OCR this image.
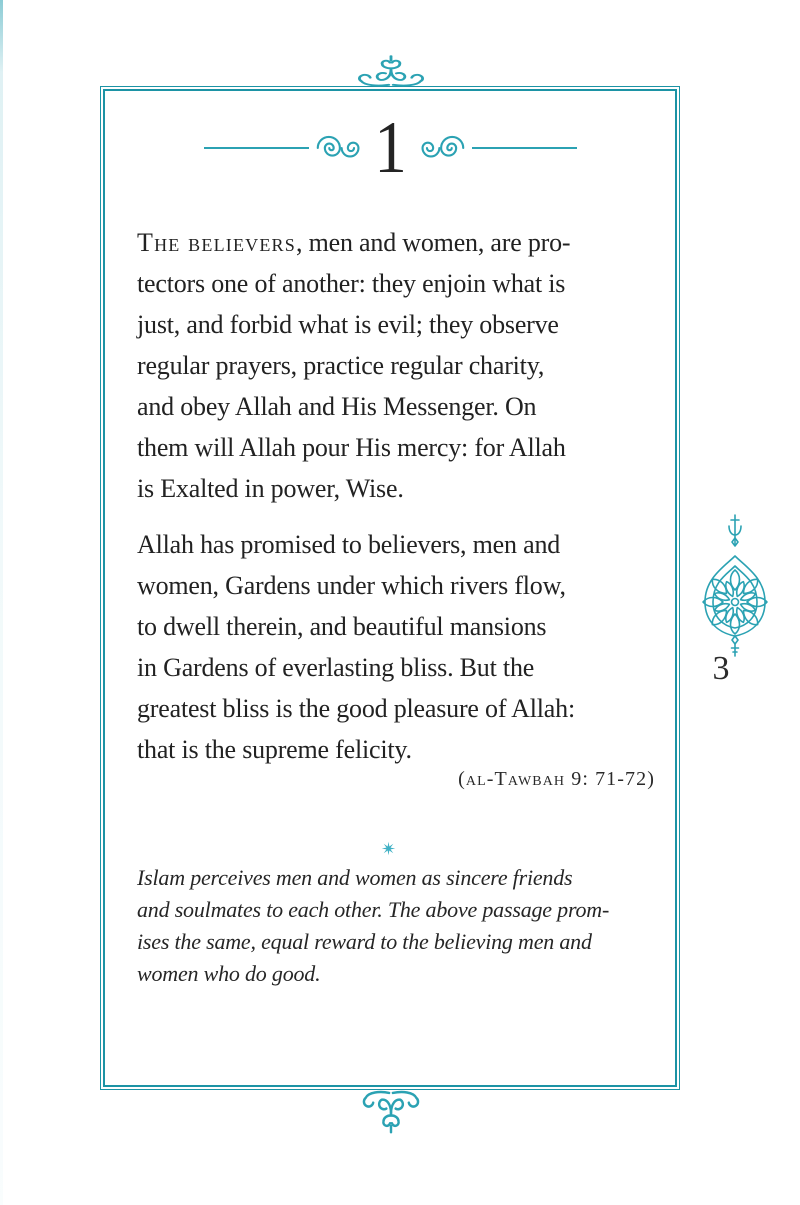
1
The believers, men and women, are pro-
tectors one of another: they enjoin what is
just, and forbid what is evil; they observe
regular prayers, practice regular charity,
and obey Allah and His Messenger. On
them will Allah pour His mercy: for Allah
is Exalted in power, Wise.
Allah has promised to believers, men and
women, Gardens under which rivers flow,
to dwell therein, and beautiful mansions
in Gardens of everlasting bliss. But the
greatest bliss is the good pleasure of Allah:
that is the supreme felicity.
(al-Tawbah 9: 71-72)
Islam perceives men and women as sincere friends
and soulmates to each other. The above passage prom-
ises the same, equal reward to the believing men and
women who do good.
3
